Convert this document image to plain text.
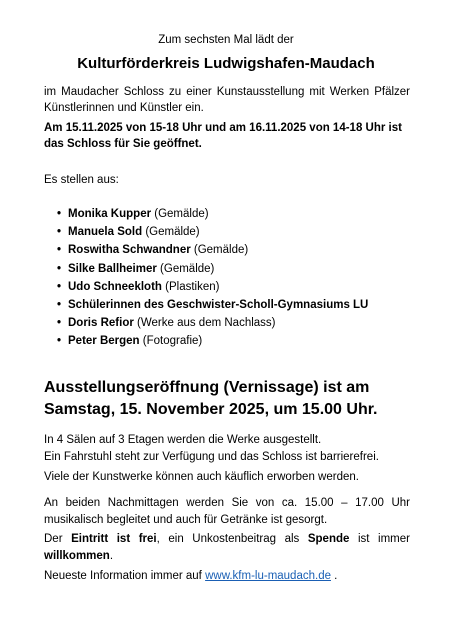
Zum sechsten Mal lädt der
Kulturförderkreis Ludwigshafen-Maudach
im Maudacher Schloss zu einer Kunstausstellung mit Werken Pfälzer Künstlerinnen und Künstler ein.
Am 15.11.2025 von 15-18 Uhr und am 16.11.2025 von 14-18 Uhr ist das Schloss für Sie geöffnet.
Es stellen aus:
• Monika Kupper (Gemälde)
• Manuela Sold (Gemälde)
• Roswitha Schwandner (Gemälde)
• Silke Ballheimer (Gemälde)
• Udo Schneekloth (Plastiken)
• Schülerinnen des Geschwister-Scholl-Gymnasiums LU
• Doris Refior (Werke aus dem Nachlass)
• Peter Bergen (Fotografie)
Ausstellungseröffnung (Vernissage) ist am Samstag, 15. November 2025, um 15.00 Uhr.
In 4 Sälen auf 3 Etagen werden die Werke ausgestellt.
Ein Fahrstuhl steht zur Verfügung und das Schloss ist barrierefrei.
Viele der Kunstwerke können auch käuflich erworben werden.
An beiden Nachmittagen werden Sie von ca. 15.00 – 17.00 Uhr musikalisch begleitet und auch für Getränke ist gesorgt.
Der Eintritt ist frei, ein Unkostenbeitrag als Spende ist immer willkommen.
Neueste Information immer auf www.kfm-lu-maudach.de .
